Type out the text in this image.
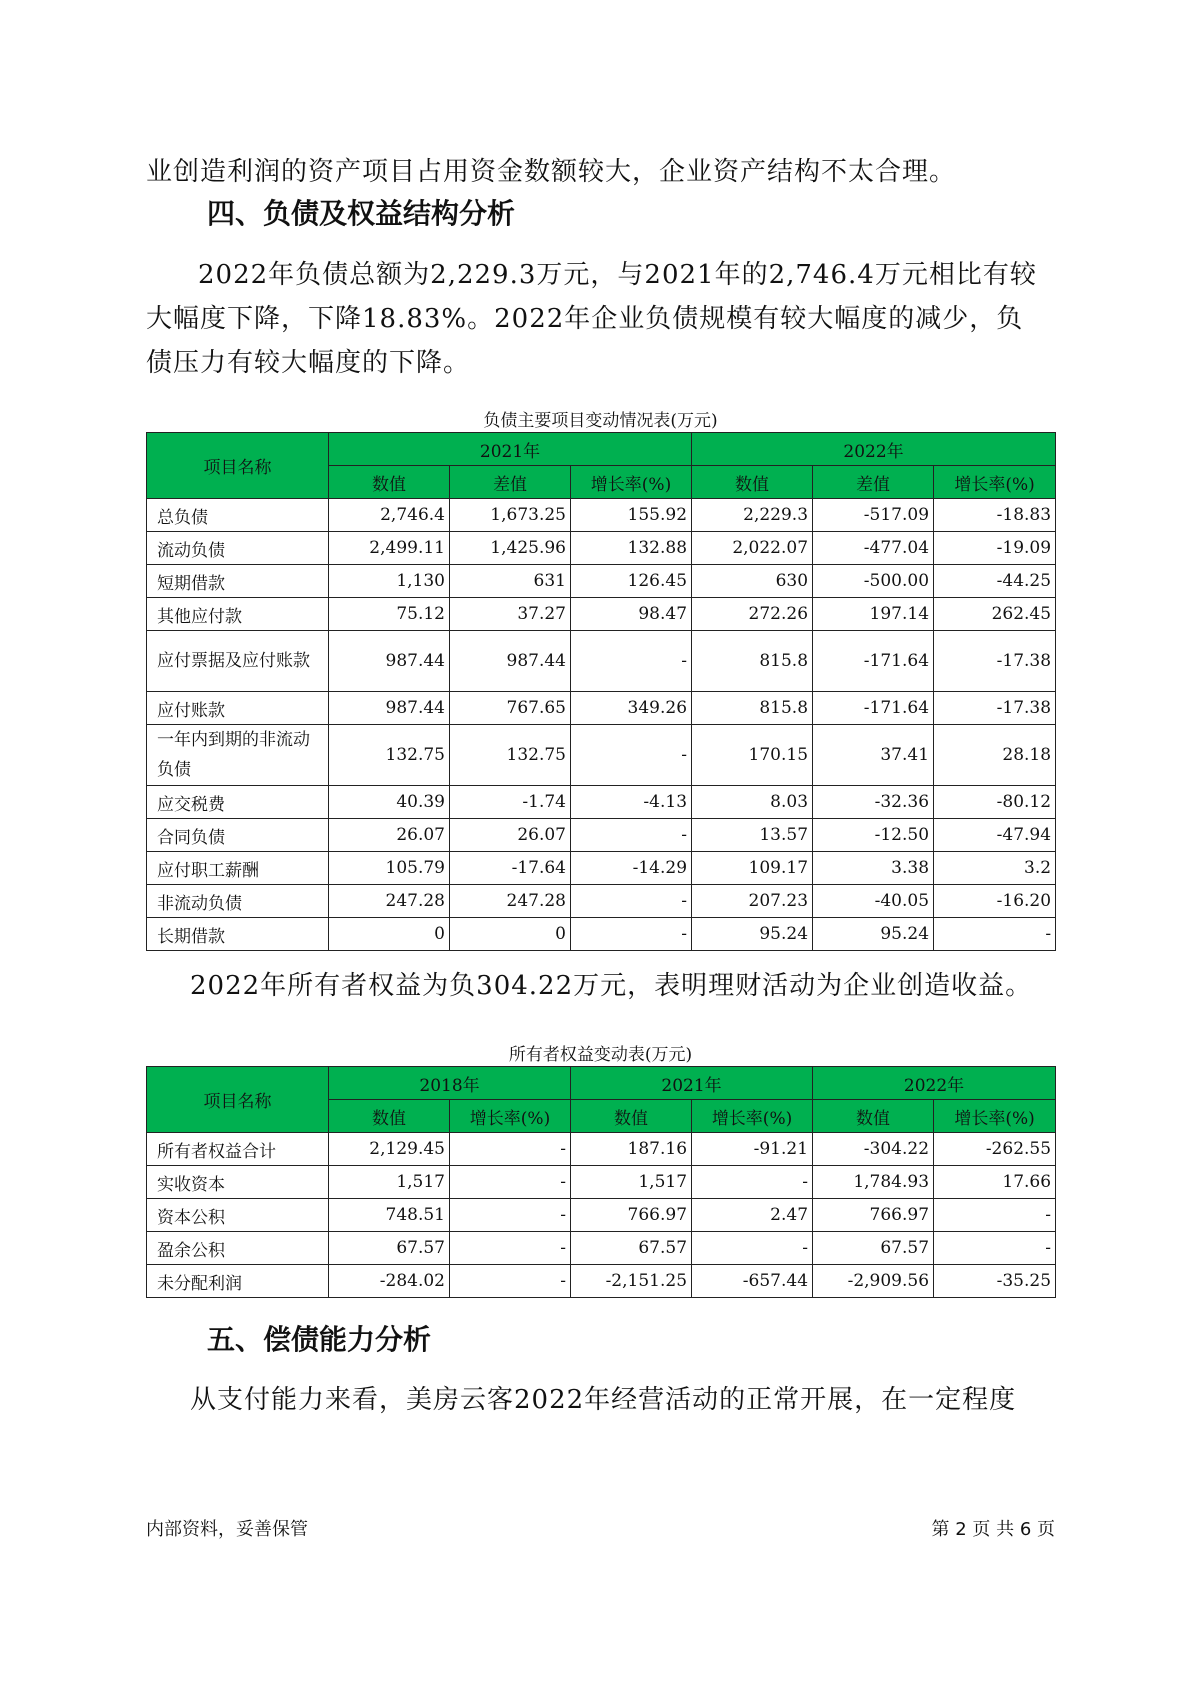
业创造利润的资产项目占用资金数额较大，企业资产结构不太合理。

四、负债及权益结构分析

2022年负债总额为2,229.3万元，与2021年的2,746.4万元相比有较大幅度下降，下降18.83%。2022年企业负债规模有较大幅度的减少，负债压力有较大幅度的下降。

负债主要项目变动情况表(万元)

项目名称	2021年			2022年		
	数值	差值	增长率(%)	数值	差值	增长率(%)
总负债	2,746.4	1,673.25	155.92	2,229.3	-517.09	-18.83
流动负债	2,499.11	1,425.96	132.88	2,022.07	-477.04	-19.09
短期借款	1,130	631	126.45	630	-500.00	-44.25
其他应付款	75.12	37.27	98.47	272.26	197.14	262.45
应付票据及应付账款	987.44	987.44	-	815.8	-171.64	-17.38
应付账款	987.44	767.65	349.26	815.8	-171.64	-17.38
一年内到期的非流动负债	132.75	132.75	-	170.15	37.41	28.18
应交税费	40.39	-1.74	-4.13	8.03	-32.36	-80.12
合同负债	26.07	26.07	-	13.57	-12.50	-47.94
应付职工薪酬	105.79	-17.64	-14.29	109.17	3.38	3.2
非流动负债	247.28	247.28	-	207.23	-40.05	-16.20
长期借款	0	0	-	95.24	95.24	-

2022年所有者权益为负304.22万元，表明理财活动为企业创造收益。

所有者权益变动表(万元)

项目名称	2018年		2021年		2022年	
	数值	增长率(%)	数值	增长率(%)	数值	增长率(%)
所有者权益合计	2,129.45	-	187.16	-91.21	-304.22	-262.55
实收资本	1,517	-	1,517	-	1,784.93	17.66
资本公积	748.51	-	766.97	2.47	766.97	-
盈余公积	67.57	-	67.57	-	67.57	-
未分配利润	-284.02	-	-2,151.25	-657.44	-2,909.56	-35.25
五、偿债能力分析

从支付能力来看，美房云客2022年经营活动的正常开展，在一定程度

内部资料，妥善保管	第 2 页 共 6 页
